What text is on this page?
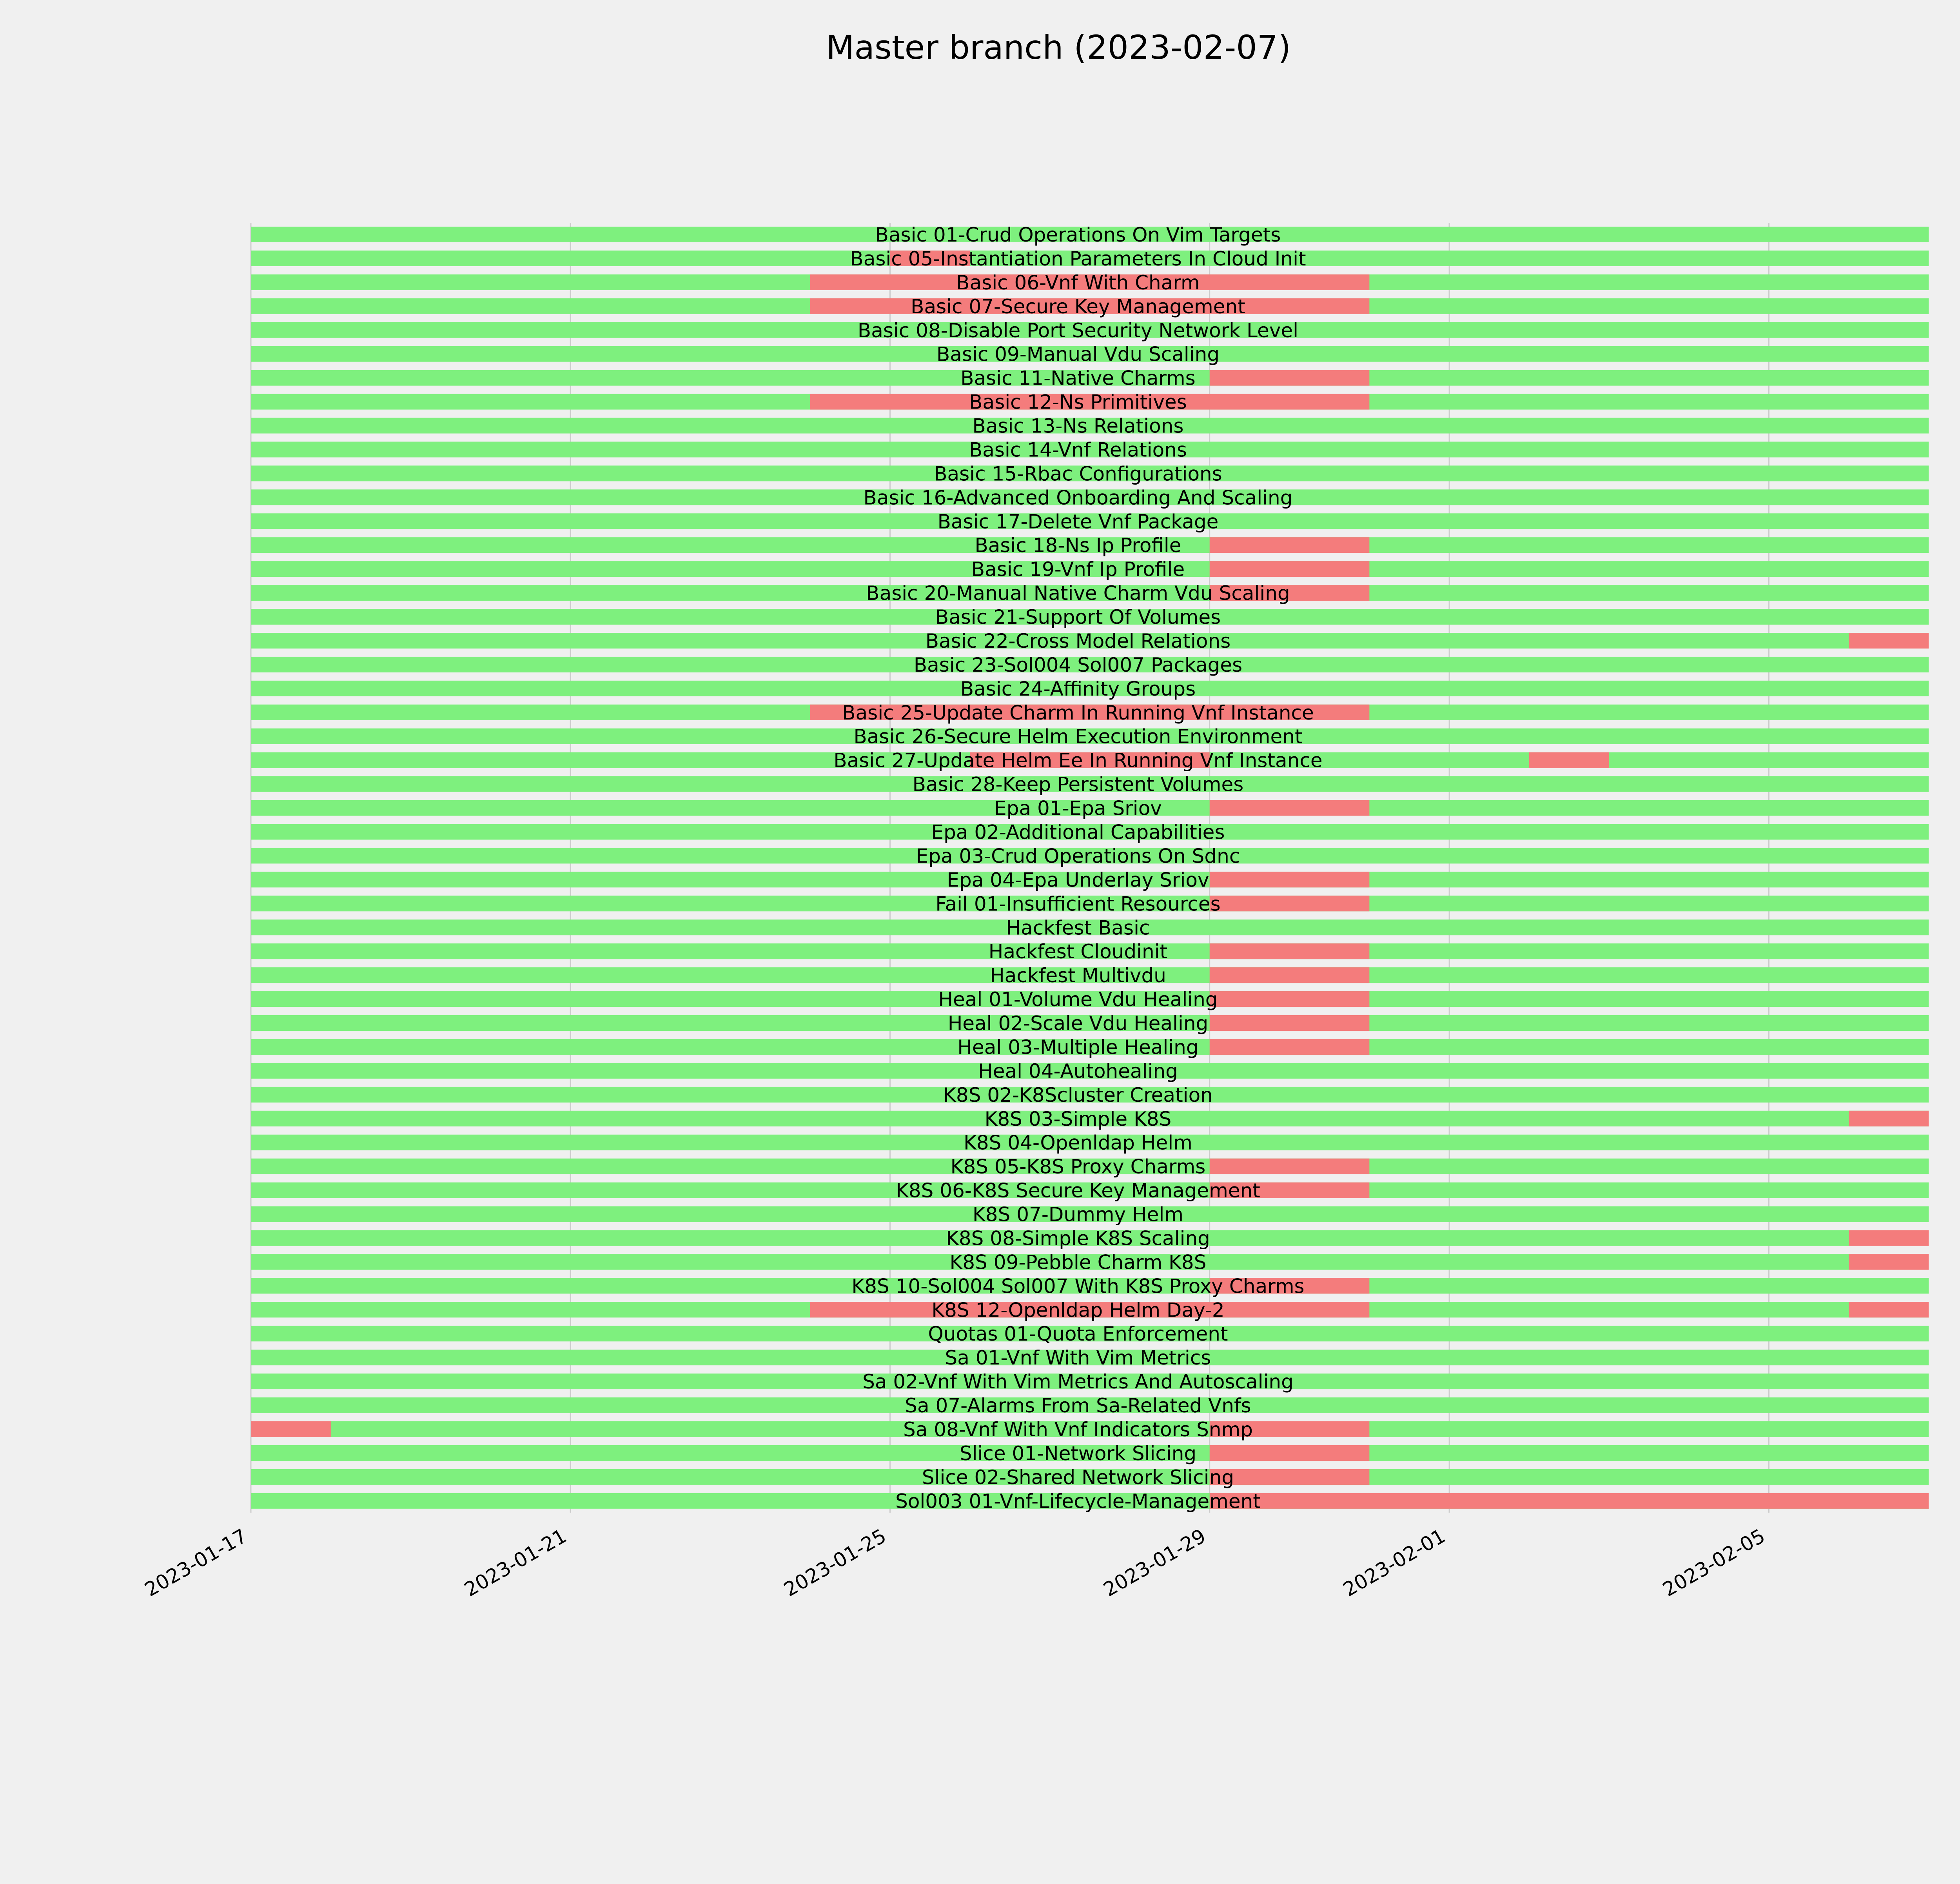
Master branch (2023-02-07)
Basic 01-Crud Operations On Vim Targets
Basic 05-Instantiation Parameters In Cloud Init
Basic 06-Vnf With Charm
Basic 07-Secure Key Management
Basic 08-Disable Port Security Network Level
Basic 09-Manual Vdu Scaling
Basic 11-Native Charms
Basic 12-Ns Primitives
Basic 13-Ns Relations
Basic 14-Vnf Relations
Basic 15-Rbac Configurations
Basic 16-Advanced Onboarding And Scaling
Basic 17-Delete Vnf Package
Basic 18-Ns Ip Profile
Basic 19-Vnf Ip Profile
Basic 20-Manual Native Charm Vdu Scaling
Basic 21-Support Of Volumes
Basic 22-Cross Model Relations
Basic 23-Sol004 Sol007 Packages
Basic 24-Affinity Groups
Basic 25-Update Charm In Running Vnf Instance
Basic 26-Secure Helm Execution Environment
Basic 27-Update Helm Ee In Running Vnf Instance
Basic 28-Keep Persistent Volumes
Epa 01-Epa Sriov
Epa 02-Additional Capabilities
Epa 03-Crud Operations On Sdnc
Epa 04-Epa Underlay Sriov
Fail 01-Insufficient Resources
Hackfest Basic
Hackfest Cloudinit
Hackfest Multivdu
Heal 01-Volume Vdu Healing
Heal 02-Scale Vdu Healing
Heal 03-Multiple Healing
Heal 04-Autohealing
K8S 02-K8Scluster Creation
K8S 03-Simple K8S
K8S 04-Openldap Helm
K8S 05-K8S Proxy Charms
K8S 06-K8S Secure Key Management
K8S 07-Dummy Helm
K8S 08-Simple K8S Scaling
K8S 09-Pebble Charm K8S
K8S 10-Sol004 Sol007 With K8S Proxy Charms
K8S 12-Openldap Helm Day-2
Quotas 01-Quota Enforcement
Sa 01-Vnf With Vim Metrics
Sa 02-Vnf With Vim Metrics And Autoscaling
Sa 07-Alarms From Sa-Related Vnfs
Sa 08-Vnf With Vnf Indicators Snmp
Slice 01-Network Slicing
Slice 02-Shared Network Slicing
Sol003 01-Vnf-Lifecycle-Management
2023-01-17	2023-01-21	2023-01-25	2023-01-29	2023-02-01	2023-02-05
